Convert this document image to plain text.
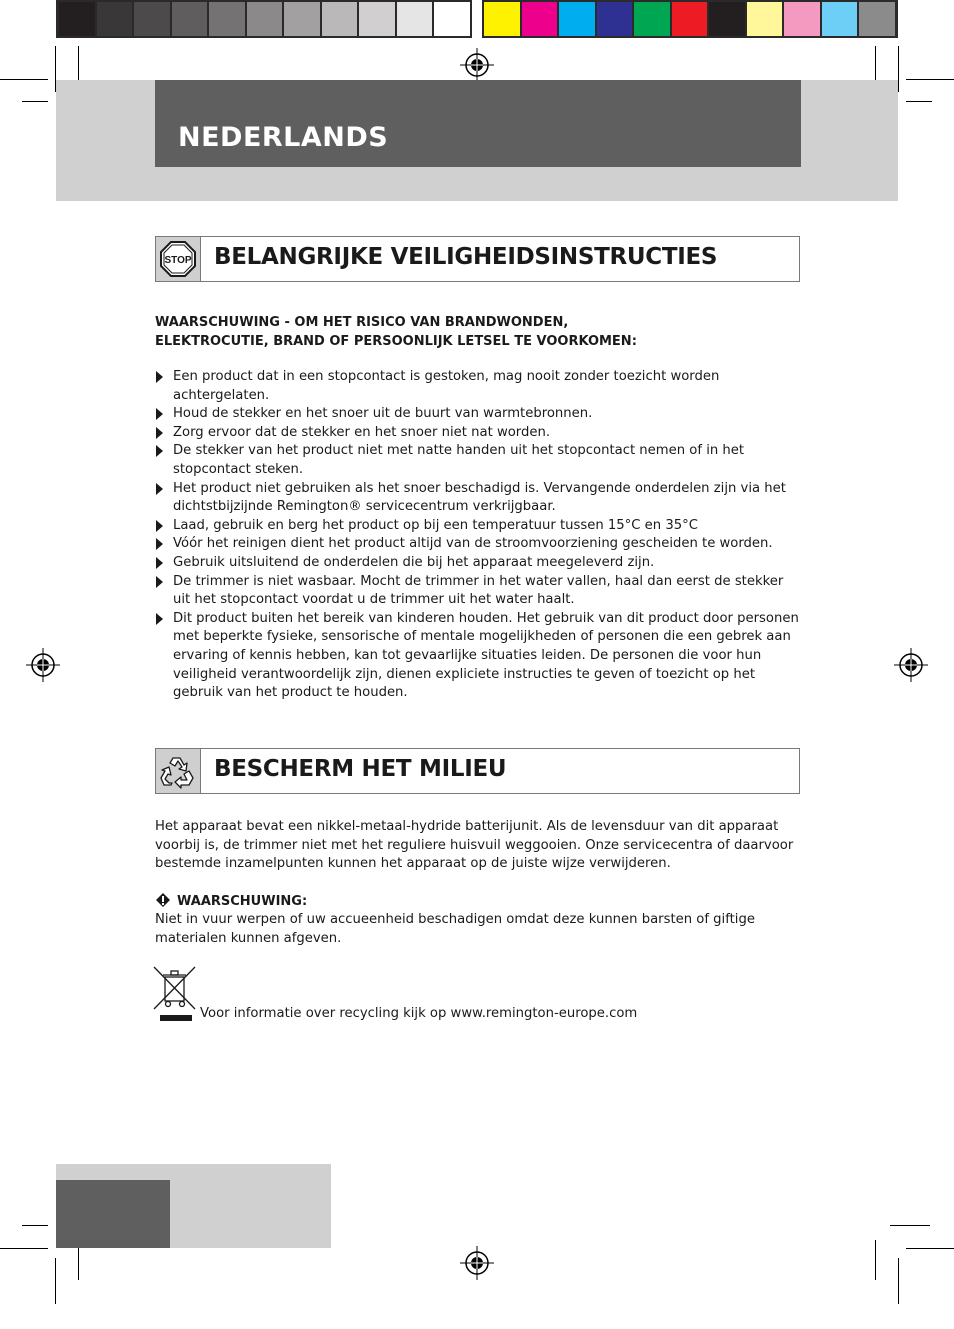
NEDERLANDS
STOP BELANGRIJKE VEILIGHEIDSINSTRUCTIES
WAARSCHUWING - OM HET RISICO VAN BRANDWONDEN,
ELEKTROCUTIE, BRAND OF PERSOONLIJK LETSEL TE VOORKOMEN:
Een product dat in een stopcontact is gestoken, mag nooit zonder toezicht worden achtergelaten.
Houd de stekker en het snoer uit de buurt van warmtebronnen.
Zorg ervoor dat de stekker en het snoer niet nat worden.
De stekker van het product niet met natte handen uit het stopcontact nemen of in het stopcontact steken.
Het product niet gebruiken als het snoer beschadigd is. Vervangende onderdelen zijn via het dichtstbijzijnde Remington® servicecentrum verkrijgbaar.
Laad, gebruik en berg het product op bij een temperatuur tussen 15°C en 35°C
Vóór het reinigen dient het product altijd van de stroomvoorziening gescheiden te worden.
Gebruik uitsluitend de onderdelen die bij het apparaat meegeleverd zijn.
De trimmer is niet wasbaar. Mocht de trimmer in het water vallen, haal dan eerst de stekker uit het stopcontact voordat u de trimmer uit het water haalt.
Dit product buiten het bereik van kinderen houden. Het gebruik van dit product door personen met beperkte fysieke, sensorische of mentale mogelijkheden of personen die een gebrek aan ervaring of kennis hebben, kan tot gevaarlijke situaties leiden. De personen die voor hun veiligheid verantwoordelijk zijn, dienen expliciete instructies te geven of toezicht op het gebruik van het product te houden.
BESCHERM HET MILIEU
Het apparaat bevat een nikkel-metaal-hydride batterijunit. Als de levensduur van dit apparaat voorbij is, de trimmer niet met het reguliere huisvuil weggooien. Onze servicecentra of daarvoor bestemde inzamelpunten kunnen het apparaat op de juiste wijze verwijderen.
WAARSCHUWING:
Niet in vuur werpen of uw accueenheid beschadigen omdat deze kunnen barsten of giftige materialen kunnen afgeven.
Voor informatie over recycling kijk op www.remington-europe.com
